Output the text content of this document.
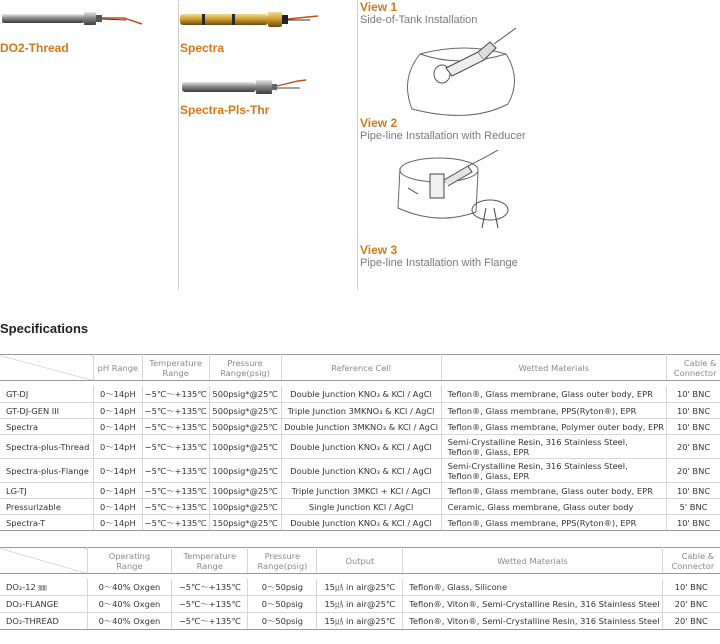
DO2-Thread	Spectra
Spectra-Pls-Thr
View 1
Side-of-Tank Installation
View 2
Pipe-line Installation with Reducer
View 3
Pipe-line Installation with Flange
Specifications
	pH Range	Temperature Range	Pressure Range(psig)	Reference Cell	Wetted Materials	Cable & Connector

GT-DJ	0～14pH	−5℃～+135℃	500psig*@25℃	Double Junction KNO₃ & KCl / AgCl	Teflon®, Glass membrane, Glass outer body, EPR	10' BNC
GT-DJ-GEN III	0～14pH	−5℃～+135℃	500psig*@25℃	Triple Junction 3MKNO₃ & KCl / AgCl	Teflon®, Glass membrane, PPS(Ryton®), EPR	10' BNC
Spectra	0～14pH	−5℃～+135℃	500psig*@25℃	Double Junction 3MKNO₃ & KCl / AgCl	Teflon®, Glass membrane, Polymer outer body, EPR	10' BNC
Spectra-plus-Thread	0～14pH	−5℃～+135℃	100psig*@25℃	Double Junction KNO₃ & KCl / AgCl	Semi-Crystalline Resin, 316 Stainless Steel, Teflon®, Glass, EPR	20' BNC
Spectra-plus-Flange	0～14pH	−5℃～+135℃	100psig*@25℃	Double Junction KNO₃ & KCl / AgCl	Semi-Crystalline Resin, 316 Stainless Steel, Teflon®, Glass, EPR	20' BNC
LG-TJ	0～14pH	−5℃～+135℃	100psig*@25℃	Triple Junction 3MKCl + KCl / AgCl	Teflon®, Glass membrane, Glass outer body, EPR	10' BNC
Pressurizable	0～14pH	−5℃～+135℃	100psig*@25℃	Single Junction KCl / AgCl	Ceramic, Glass membrane, Glass outer body	5' BNC
Spectra-T	0～14pH	−5℃～+135℃	150psig*@25℃	Double Junction KNO₃ & KCl / AgCl	Teflon®, Glass membrane, PPS(Ryton®), EPR	10' BNC
	Operating Range	Temperature Range	Pressure Range(psig)	Output	Wetted Materials	Cable & Connector

DO₂-12 ㎜	0～40% Oxgen	−5℃～+135℃	0～50psig	15㎂ in air@25℃	Teflon®, Glass, Silicone	10' BNC
DO₂-FLANGE	0～40% Oxgen	−5℃～+135℃	0～50psig	15㎂ in air@25℃	Teflon®, Viton®, Semi-Crystalline Resin, 316 Stainless Steel	20' BNC
DO₂-THREAD	0～40% Oxgen	−5℃～+135℃	0～50psig	15㎂ in air@25℃	Teflon®, Viton®, Semi-Crystalline Resin, 316 Stainless Steel	20' BNC
